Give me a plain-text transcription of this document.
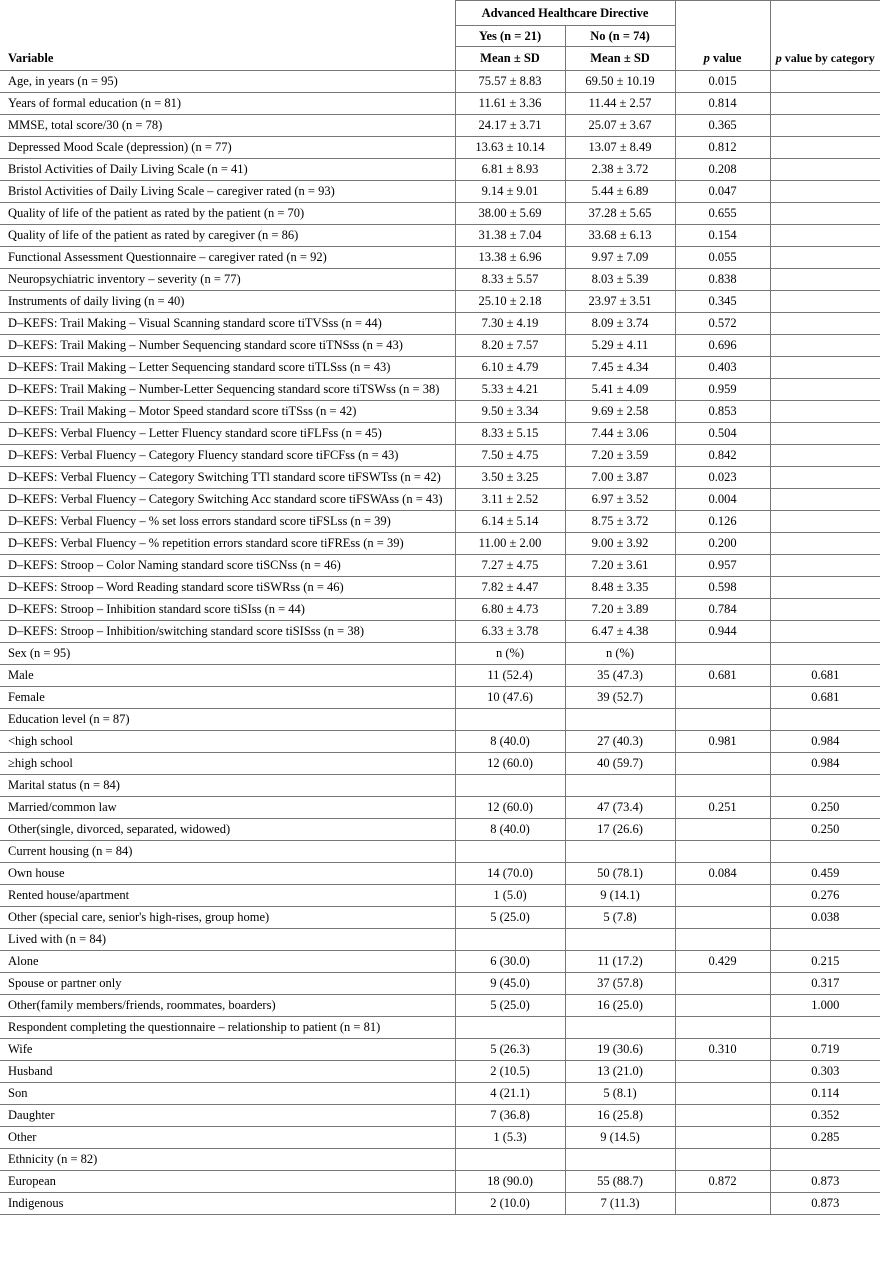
Variable	Advanced Healthcare Directive		p value	p value by category
	Yes (n = 21)	No (n = 74)		
	Mean ± SD	Mean ± SD		
Age, in years (n = 95)	75.57 ± 8.83	69.50 ± 10.19	0.015	
Years of formal education (n = 81)	11.61 ± 3.36	11.44 ± 2.57	0.814	
MMSE, total score/30 (n = 78)	24.17 ± 3.71	25.07 ± 3.67	0.365	
Depressed Mood Scale (depression) (n = 77)	13.63 ± 10.14	13.07 ± 8.49	0.812	
Bristol Activities of Daily Living Scale (n = 41)	6.81 ± 8.93	2.38 ± 3.72	0.208	
Bristol Activities of Daily Living Scale – caregiver rated (n = 93)	9.14 ± 9.01	5.44 ± 6.89	0.047	
Quality of life of the patient as rated by the patient (n = 70)	38.00 ± 5.69	37.28 ± 5.65	0.655	
Quality of life of the patient as rated by caregiver (n = 86)	31.38 ± 7.04	33.68 ± 6.13	0.154	
Functional Assessment Questionnaire – caregiver rated (n = 92)	13.38 ± 6.96	9.97 ± 7.09	0.055	
Neuropsychiatric inventory – severity (n = 77)	8.33 ± 5.57	8.03 ± 5.39	0.838	
Instruments of daily living (n = 40)	25.10 ± 2.18	23.97 ± 3.51	0.345	
D–KEFS: Trail Making – Visual Scanning standard score tiTVSss (n = 44)	7.30 ± 4.19	8.09 ± 3.74	0.572	
D–KEFS: Trail Making – Number Sequencing standard score tiTNSss (n = 43)	8.20 ± 7.57	5.29 ± 4.11	0.696	
D–KEFS: Trail Making – Letter Sequencing standard score tiTLSss (n = 43)	6.10 ± 4.79	7.45 ± 4.34	0.403	
D–KEFS: Trail Making – Number-Letter Sequencing standard score tiTSWss (n = 38)	5.33 ± 4.21	5.41 ± 4.09	0.959	
D–KEFS: Trail Making – Motor Speed standard score tiTSss (n = 42)	9.50 ± 3.34	9.69 ± 2.58	0.853	
D–KEFS: Verbal Fluency – Letter Fluency standard score tiFLFss (n = 45)	8.33 ± 5.15	7.44 ± 3.06	0.504	
D–KEFS: Verbal Fluency – Category Fluency standard score tiFCFss (n = 43)	7.50 ± 4.75	7.20 ± 3.59	0.842	
D–KEFS: Verbal Fluency – Category Switching TTl standard score tiFSWTss (n = 42)	3.50 ± 3.25	7.00 ± 3.87	0.023	
D–KEFS: Verbal Fluency – Category Switching Acc standard score tiFSWAss (n = 43)	3.11 ± 2.52	6.97 ± 3.52	0.004	
D–KEFS: Verbal Fluency – % set loss errors standard score tiFSLss (n = 39)	6.14 ± 5.14	8.75 ± 3.72	0.126	
D–KEFS: Verbal Fluency – % repetition errors standard score tiFREss (n = 39)	11.00 ± 2.00	9.00 ± 3.92	0.200	
D–KEFS: Stroop – Color Naming standard score tiSCNss (n = 46)	7.27 ± 4.75	7.20 ± 3.61	0.957	
D–KEFS: Stroop – Word Reading standard score tiSWRss (n = 46)	7.82 ± 4.47	8.48 ± 3.35	0.598	
D–KEFS: Stroop – Inhibition standard score tiSIss (n = 44)	6.80 ± 4.73	7.20 ± 3.89	0.784	
D–KEFS: Stroop – Inhibition/switching standard score tiSISss (n = 38)	6.33 ± 3.78	6.47 ± 4.38	0.944	
Sex (n = 95)	n (%)	n (%)		
Male	11 (52.4)	35 (47.3)	0.681	0.681
Female	10 (47.6)	39 (52.7)		0.681
Education level (n = 87)				
<high school	8 (40.0)	27 (40.3)	0.981	0.984
≥high school	12 (60.0)	40 (59.7)		0.984
Marital status (n = 84)				
Married/common law	12 (60.0)	47 (73.4)	0.251	0.250
Other(single, divorced, separated, widowed)	8 (40.0)	17 (26.6)		0.250
Current housing (n = 84)				
Own house	14 (70.0)	50 (78.1)	0.084	0.459
Rented house/apartment	1 (5.0)	9 (14.1)		0.276
Other (special care, senior's high-rises, group home)	5 (25.0)	5 (7.8)		0.038
Lived with (n = 84)				
Alone	6 (30.0)	11 (17.2)	0.429	0.215
Spouse or partner only	9 (45.0)	37 (57.8)		0.317
Other(family members/friends, roommates, boarders)	5 (25.0)	16 (25.0)		1.000
Respondent completing the questionnaire – relationship to patient (n = 81)				
Wife	5 (26.3)	19 (30.6)	0.310	0.719
Husband	2 (10.5)	13 (21.0)		0.303
Son	4 (21.1)	5 (8.1)		0.114
Daughter	7 (36.8)	16 (25.8)		0.352
Other	1 (5.3)	9 (14.5)		0.285
Ethnicity (n = 82)				
European	18 (90.0)	55 (88.7)	0.872	0.873
Indigenous	2 (10.0)	7 (11.3)		0.873
